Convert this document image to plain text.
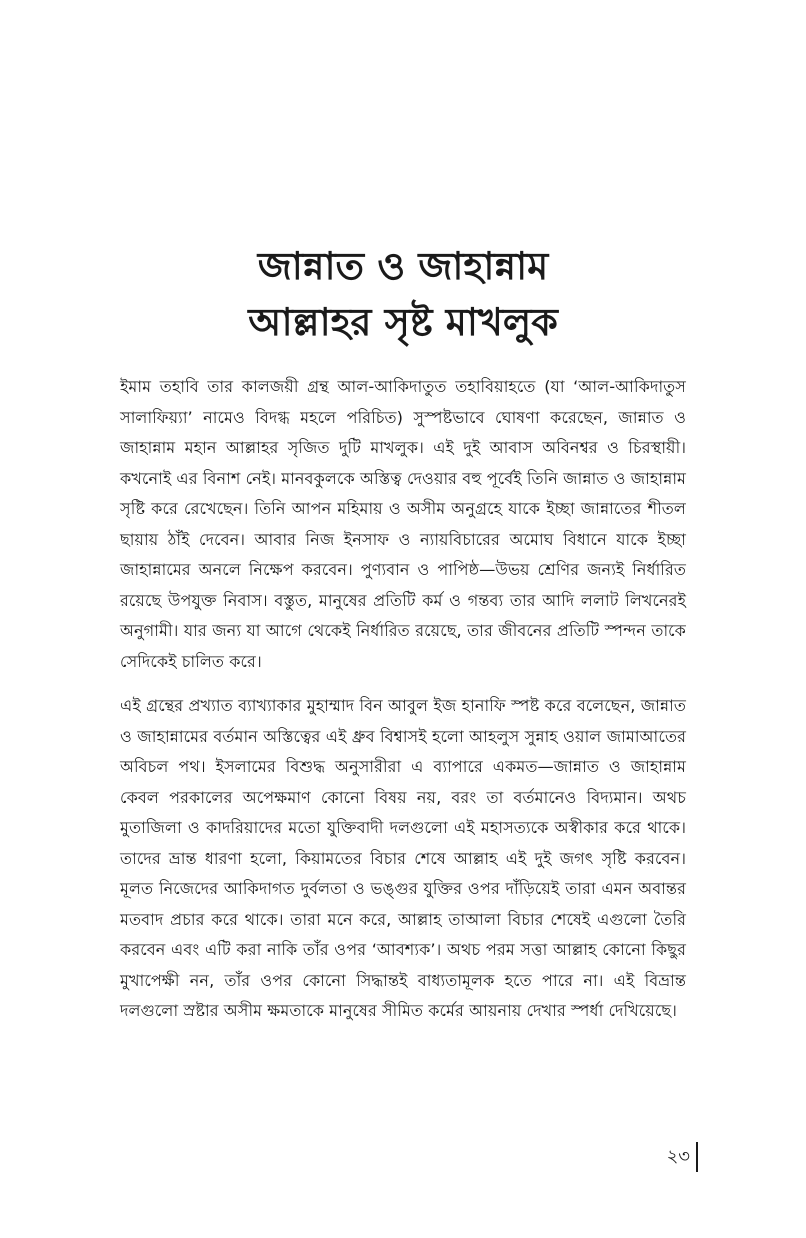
জান্নাত ও জাহান্নাম
আল্লাহর সৃষ্ট মাখলুক

ইমাম তহাবি তার কালজয়ী গ্রন্থ আল-আকিদাতুত তহাবিয়াহতে (যা ‘আল-আকিদাতুস সালাফিয়্যা’ নামেও বিদগ্ধ মহলে পরিচিত) সুস্পষ্টভাবে ঘোষণা করেছেন, জান্নাত ও জাহান্নাম মহান আল্লাহর সৃজিত দুটি মাখলুক। এই দুই আবাস অবিনশ্বর ও চিরস্থায়ী। কখনোই এর বিনাশ নেই। মানবকুলকে অস্তিত্ব দেওয়ার বহু পূর্বেই তিনি জান্নাত ও জাহান্নাম সৃষ্টি করে রেখেছেন। তিনি আপন মহিমায় ও অসীম অনুগ্রহে যাকে ইচ্ছা জান্নাতের শীতল ছায়ায় ঠাঁই দেবেন। আবার নিজ ইনসাফ ও ন্যায়বিচারের অমোঘ বিধানে যাকে ইচ্ছা জাহান্নামের অনলে নিক্ষেপ করবেন। পুণ্যবান ও পাপিষ্ঠ—উভয় শ্রেণির জন্যই নির্ধারিত রয়েছে উপযুক্ত নিবাস। বস্তুত, মানুষের প্রতিটি কর্ম ও গন্তব্য তার আদি ললাট লিখনেরই অনুগামী। যার জন্য যা আগে থেকেই নির্ধারিত রয়েছে, তার জীবনের প্রতিটি স্পন্দন তাকে সেদিকেই চালিত করে।

এই গ্রন্থের প্রখ্যাত ব্যাখ্যাকার মুহাম্মাদ বিন আবুল ইজ হানাফি স্পষ্ট করে বলেছেন, জান্নাত ও জাহান্নামের বর্তমান অস্তিত্বের এই ধ্রুব বিশ্বাসই হলো আহলুস সুন্নাহ ওয়াল জামাআতের অবিচল পথ। ইসলামের বিশুদ্ধ অনুসারীরা এ ব্যাপারে একমত—জান্নাত ও জাহান্নাম কেবল পরকালের অপেক্ষমাণ কোনো বিষয় নয়, বরং তা বর্তমানেও বিদ্যমান। অথচ মুতাজিলা ও কাদরিয়াদের মতো যুক্তিবাদী দলগুলো এই মহাসত্যকে অস্বীকার করে থাকে। তাদের ভ্রান্ত ধারণা হলো, কিয়ামতের বিচার শেষে আল্লাহ এই দুই জগৎ সৃষ্টি করবেন। মূলত নিজেদের আকিদাগত দুর্বলতা ও ভঙ্গুর যুক্তির ওপর দাঁড়িয়েই তারা এমন অবান্তর মতবাদ প্রচার করে থাকে। তারা মনে করে, আল্লাহ তাআলা বিচার শেষেই এগুলো তৈরি করবেন এবং এটি করা নাকি তাঁর ওপর ‘আবশ্যক’। অথচ পরম সত্তা আল্লাহ কোনো কিছুর মুখাপেক্ষী নন, তাঁর ওপর কোনো সিদ্ধান্তই বাধ্যতামূলক হতে পারে না। এই বিভ্রান্ত দলগুলো স্রষ্টার অসীম ক্ষমতাকে মানুষের সীমিত কর্মের আয়নায় দেখার স্পর্ধা দেখিয়েছে।

২৩
